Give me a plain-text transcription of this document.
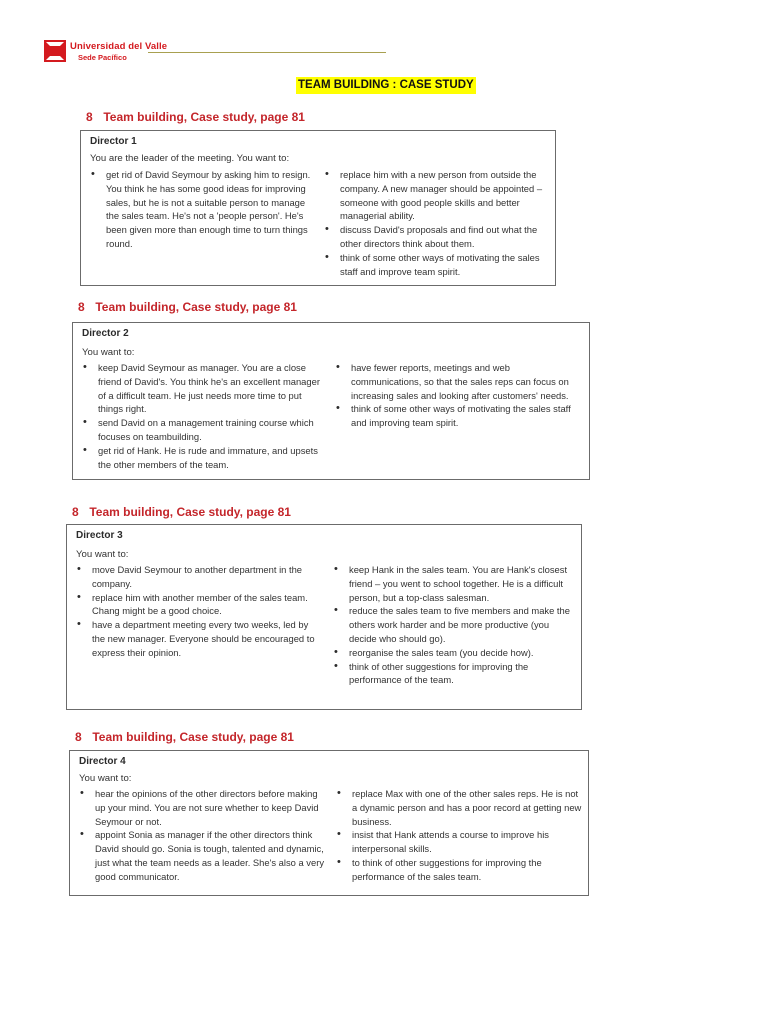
Universidad del Valle
Sede Pacífico
TEAM BUILDING : CASE STUDY
8 Team building, Case study, page 81
Director 1
You are the leader of the meeting. You want to:
• get rid of David Seymour by asking him to resign. You think he has some good ideas for improving sales, but he is not a suitable person to manage the sales team. He's not a 'people person'. He's been given more than enough time to turn things round.
• replace him with a new person from outside the company. A new manager should be appointed – someone with good people skills and better managerial ability.
• discuss David's proposals and find out what the other directors think about them.
• think of some other ways of motivating the sales staff and improve team spirit.
8 Team building, Case study, page 81
Director 2
You want to:
• keep David Seymour as manager. You are a close friend of David's. You think he's an excellent manager of a difficult team. He just needs more time to put things right.
• send David on a management training course which focuses on teambuilding.
• get rid of Hank. He is rude and immature, and upsets the other members of the team.
• have fewer reports, meetings and web communications, so that the sales reps can focus on increasing sales and looking after customers' needs.
• think of some other ways of motivating the sales staff and improving team spirit.
8 Team building, Case study, page 81
Director 3
You want to:
• move David Seymour to another department in the company.
• replace him with another member of the sales team. Chang might be a good choice.
• have a department meeting every two weeks, led by the new manager. Everyone should be encouraged to express their opinion.
• keep Hank in the sales team. You are Hank's closest friend – you went to school together. He is a difficult person, but a top-class salesman.
• reduce the sales team to five members and make the others work harder and be more productive (you decide who should go).
• reorganise the sales team (you decide how).
• think of other suggestions for improving the performance of the team.
8 Team building, Case study, page 81
Director 4
You want to:
• hear the opinions of the other directors before making up your mind. You are not sure whether to keep David Seymour or not.
• appoint Sonia as manager if the other directors think David should go. Sonia is tough, talented and dynamic, just what the team needs as a leader. She's also a very good communicator.
• replace Max with one of the other sales reps. He is not a dynamic person and has a poor record at getting new business.
• insist that Hank attends a course to improve his interpersonal skills.
• to think of other suggestions for improving the performance of the sales team.
